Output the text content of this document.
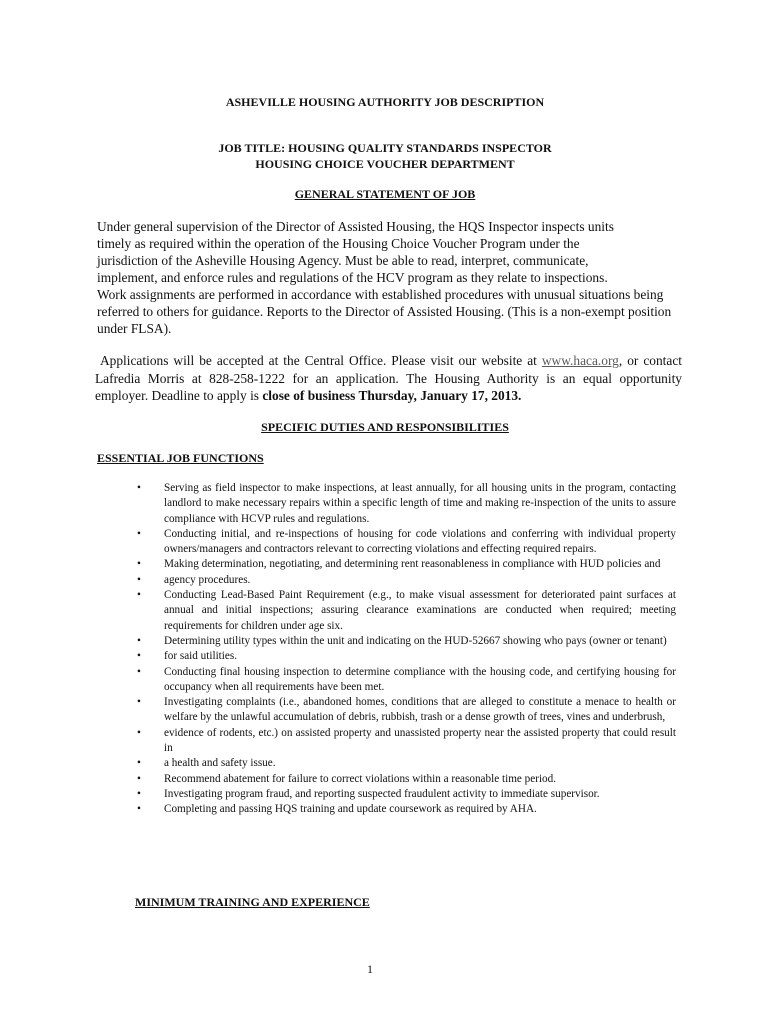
ASHEVILLE HOUSING AUTHORITY JOB DESCRIPTION
JOB TITLE: HOUSING QUALITY STANDARDS INSPECTOR
HOUSING CHOICE VOUCHER DEPARTMENT
GENERAL STATEMENT OF JOB
Under general supervision of the Director of Assisted Housing, the HQS Inspector inspects units
timely as required within the operation of the Housing Choice Voucher Program under the
jurisdiction of the Asheville Housing Agency. Must be able to read, interpret, communicate,
implement, and enforce rules and regulations of the HCV program as they relate to inspections.
Work assignments are performed in accordance with established procedures with unusual situations being
referred to others for guidance. Reports to the Director of Assisted Housing. (This is a non-exempt position
under FLSA).
Applications will be accepted at the Central Office. Please visit our website at www.haca.org, or contact Lafredia Morris at 828-258-1222 for an application. The Housing Authority is an equal opportunity employer. Deadline to apply is close of business Thursday, January 17, 2013.
SPECIFIC DUTIES AND RESPONSIBILITIES
ESSENTIAL JOB FUNCTIONS
• Serving as field inspector to make inspections, at least annually, for all housing units in the program, contacting landlord to make necessary repairs within a specific length of time and making re-inspection of the units to assure compliance with HCVP rules and regulations.
• Conducting initial, and re-inspections of housing for code violations and conferring with individual property owners/managers and contractors relevant to correcting violations and effecting required repairs.
• Making determination, negotiating, and determining rent reasonableness in compliance with HUD policies and
• agency procedures.
• Conducting Lead-Based Paint Requirement (e.g., to make visual assessment for deteriorated paint surfaces at annual and initial inspections; assuring clearance examinations are conducted when required; meeting requirements for children under age six.
• Determining utility types within the unit and indicating on the HUD-52667 showing who pays (owner or tenant)
• for said utilities.
• Conducting final housing inspection to determine compliance with the housing code, and certifying housing for occupancy when all requirements have been met.
• Investigating complaints (i.e., abandoned homes, conditions that are alleged to constitute a menace to health or welfare by the unlawful accumulation of debris, rubbish, trash or a dense growth of trees, vines and underbrush,
• evidence of rodents, etc.) on assisted property and unassisted property near the assisted property that could result in
• a health and safety issue.
• Recommend abatement for failure to correct violations within a reasonable time period.
• Investigating program fraud, and reporting suspected fraudulent activity to immediate supervisor.
• Completing and passing HQS training and update coursework as required by AHA.
MINIMUM TRAINING AND EXPERIENCE
1
